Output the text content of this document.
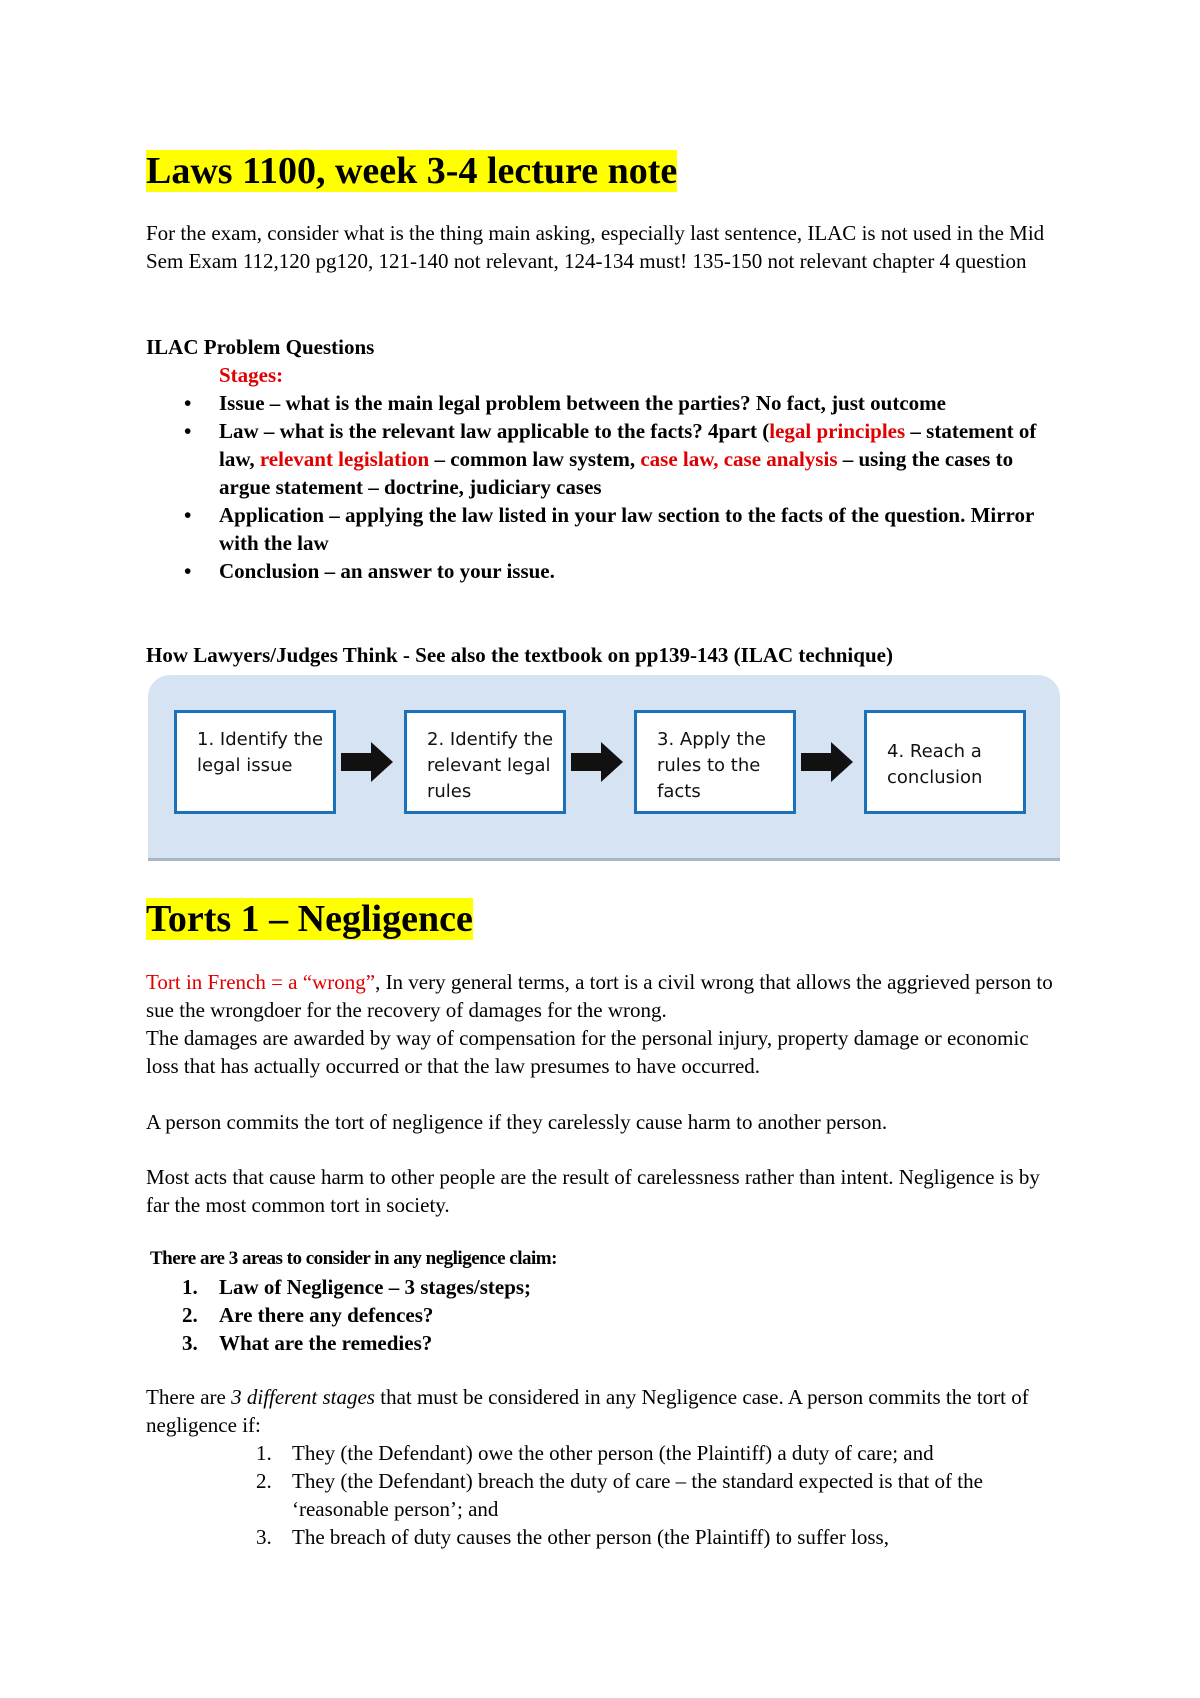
Laws 1100, week 3-4 lecture note

For the exam, consider what is the thing main asking, especially last sentence, ILAC is not used in the Mid Sem Exam 112,120 pg120, 121-140 not relevant, 124-134 must! 135-150 not relevant chapter 4 question

ILAC Problem Questions
Stages:
• Issue – what is the main legal problem between the parties? No fact, just outcome
• Law – what is the relevant law applicable to the facts? 4part (legal principles – statement of law, relevant legislation – common law system, case law, case analysis – using the cases to argue statement – doctrine, judiciary cases
• Application – applying the law listed in your law section to the facts of the question. Mirror with the law
• Conclusion – an answer to your issue.
How Lawyers/Judges Think - See also the textbook on pp139-143 (ILAC technique)
1. Identify the legal issue
2. Identify the relevant legal rules
3. Apply the rules to the facts
4. Reach a conclusion
Torts 1 – Negligence

Tort in French = a “wrong”, In very general terms, a tort is a civil wrong that allows the aggrieved person to sue the wrongdoer for the recovery of damages for the wrong.
The damages are awarded by way of compensation for the personal injury, property damage or economic loss that has actually occurred or that the law presumes to have occurred.

A person commits the tort of negligence if they carelessly cause harm to another person.

Most acts that cause harm to other people are the result of carelessness rather than intent. Negligence is by far the most common tort in society.

There are 3 areas to consider in any negligence claim:
1. Law of Negligence – 3 stages/steps;
2. Are there any defences?
3. What are the remedies?

There are 3 different stages that must be considered in any Negligence case. A person commits the tort of negligence if:

1. They (the Defendant) owe the other person (the Plaintiff) a duty of care; and
2. They (the Defendant) breach the duty of care – the standard expected is that of the ‘reasonable person’; and
3. The breach of duty causes the other person (the Plaintiff) to suffer loss,
